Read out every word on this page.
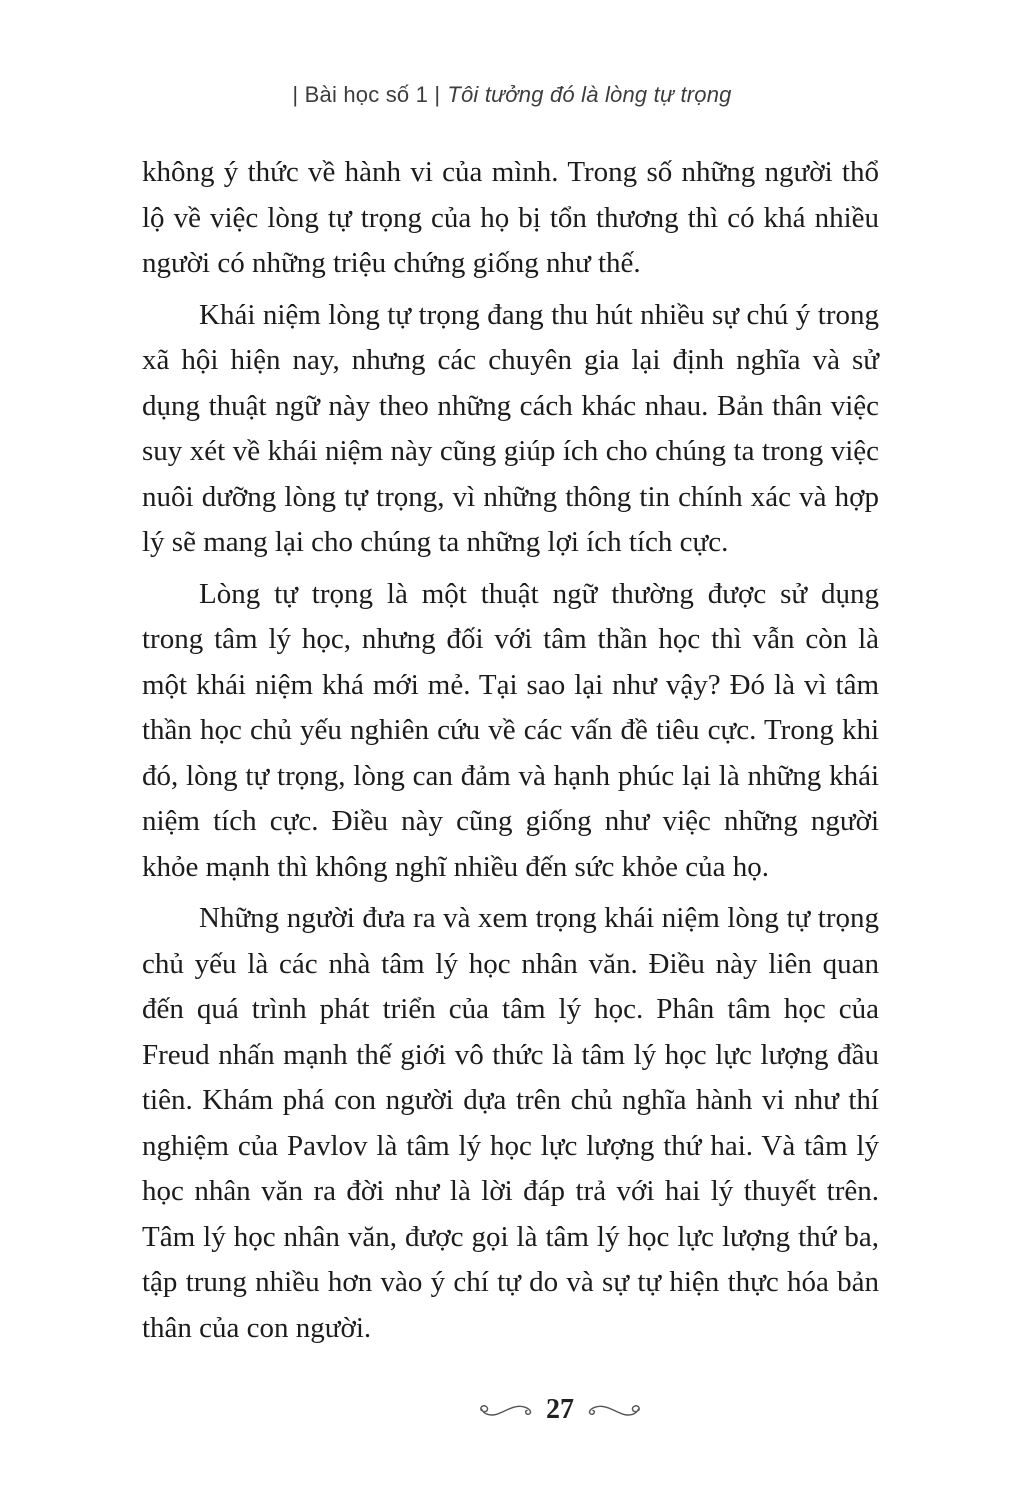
| Bài học số 1 | Tôi tưởng đó là lòng tự trọng

không ý thức về hành vi của mình. Trong số những người thổ lộ về việc lòng tự trọng của họ bị tổn thương thì có khá nhiều người có những triệu chứng giống như thế.

Khái niệm lòng tự trọng đang thu hút nhiều sự chú ý trong xã hội hiện nay, nhưng các chuyên gia lại định nghĩa và sử dụng thuật ngữ này theo những cách khác nhau. Bản thân việc suy xét về khái niệm này cũng giúp ích cho chúng ta trong việc nuôi dưỡng lòng tự trọng, vì những thông tin chính xác và hợp lý sẽ mang lại cho chúng ta những lợi ích tích cực.

Lòng tự trọng là một thuật ngữ thường được sử dụng trong tâm lý học, nhưng đối với tâm thần học thì vẫn còn là một khái niệm khá mới mẻ. Tại sao lại như vậy? Đó là vì tâm thần học chủ yếu nghiên cứu về các vấn đề tiêu cực. Trong khi đó, lòng tự trọng, lòng can đảm và hạnh phúc lại là những khái niệm tích cực. Điều này cũng giống như việc những người khỏe mạnh thì không nghĩ nhiều đến sức khỏe của họ.

Những người đưa ra và xem trọng khái niệm lòng tự trọng chủ yếu là các nhà tâm lý học nhân văn. Điều này liên quan đến quá trình phát triển của tâm lý học. Phân tâm học của Freud nhấn mạnh thế giới vô thức là tâm lý học lực lượng đầu tiên. Khám phá con người dựa trên chủ nghĩa hành vi như thí nghiệm của Pavlov là tâm lý học lực lượng thứ hai. Và tâm lý học nhân văn ra đời như là lời đáp trả với hai lý thuyết trên. Tâm lý học nhân văn, được gọi là tâm lý học lực lượng thứ ba, tập trung nhiều hơn vào ý chí tự do và sự tự hiện thực hóa bản thân của con người.

27
